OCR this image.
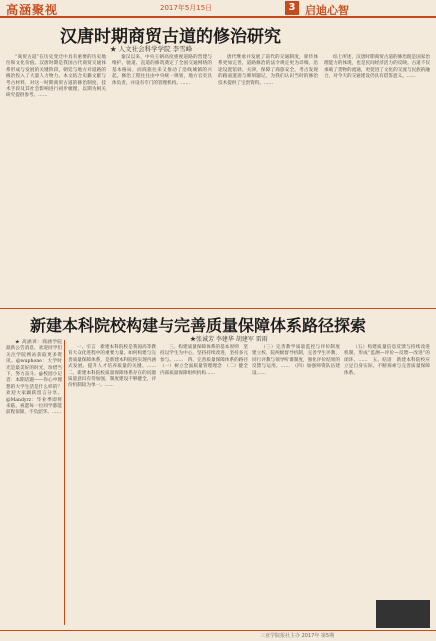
高涵聚视	2017年5月15日	3 启迪心智
汉唐时期商贸古道的修治研究
★ 人文社会科学学院 李雪峰

“商贸古道”在历史变迁中具有重要的历史地位和文化价值。汉唐时期是我国古代商贸交通体系形成与发展的关键阶段，朝廷与地方对道路的修治投入了大量人力物力。本文结合史籍文献与考古材料，对这一时期商贸古道的修治制度、技术手段及其社会影响进行初步梳理，以期为相关研究提供参考。……

秦汉以来，中央王朝高度重视道路的营建与维护。驰道、直道的修筑奠定了全国交通网络的基本格局，而商旅往来又推动了沿线城镇的兴起。修治工程往往由中央统一规划，地方官吏具体负责，并设有专门的管理机构。……

唐代继承并发展了前代的交通制度，驿传体系更加完善，道路修治的法令规定更为详细。沿途设置馆驿、关津，保障了商旅安全。考古发现的路面遗迹与碑刻题记，为我们认识当时的修治技术提供了宝贵资料。……

综上所述，汉唐时期商贸古道的修治既是国家治理能力的体现，也是民间经济活力的反映。古道不仅承载了货物的流通，更促进了文化的交流与民族的融合，对今天的交通建设仍具有借鉴意义。……

新建本科院校构建与完善质量保障体系路径探索
★张诚芳 李建华 胡建军 雷雨

★ 高涵讲：商涵学院最新公告消息，欢迎同学们关注学院网站获取更多资讯。@wuphone：大学时光是最美好的时光，珍惜当下，努力奋斗。@校园小记者：本期话题——你心中理想的大学生活是什么样的？欢迎大家踊跃留言分享。@Mandyrz：毕业季即将来临，祝愿每一位同学都能前程似锦，不负韶华。……

一、引言　新建本科院校是我国高等教育大众化进程中的重要力量。如何构建与完善质量保障体系，是新建本科院校实现内涵式发展、提升人才培养质量的关键。……　二、新建本科院校质量保障体系存在的问题　质量意识有待加强，制度建设不够健全，评价机制较为单一。……

三、构建质量保障体系的基本原则　坚持以学生为中心，坚持持续改进，坚持多元参与。……　四、完善质量保障体系的路径　（一）树立全面质量管理理念　（二）健全内部质量保障组织机构……

（三）完善教学质量监控与评价制度　建立校、院两级督导机制，完善学生评教、同行评教与领导听课制度，强化评价结果的反馈与运用。……　（四）加强师资队伍建设……

（五）构建质量信息反馈与持续改进机制，形成“监测—评价—反馈—改进”的闭环。……　五、结语　新建本科院校应立足自身实际，不断探索与完善质量保障体系。

三亚学院报社主办 2017年 第5期
